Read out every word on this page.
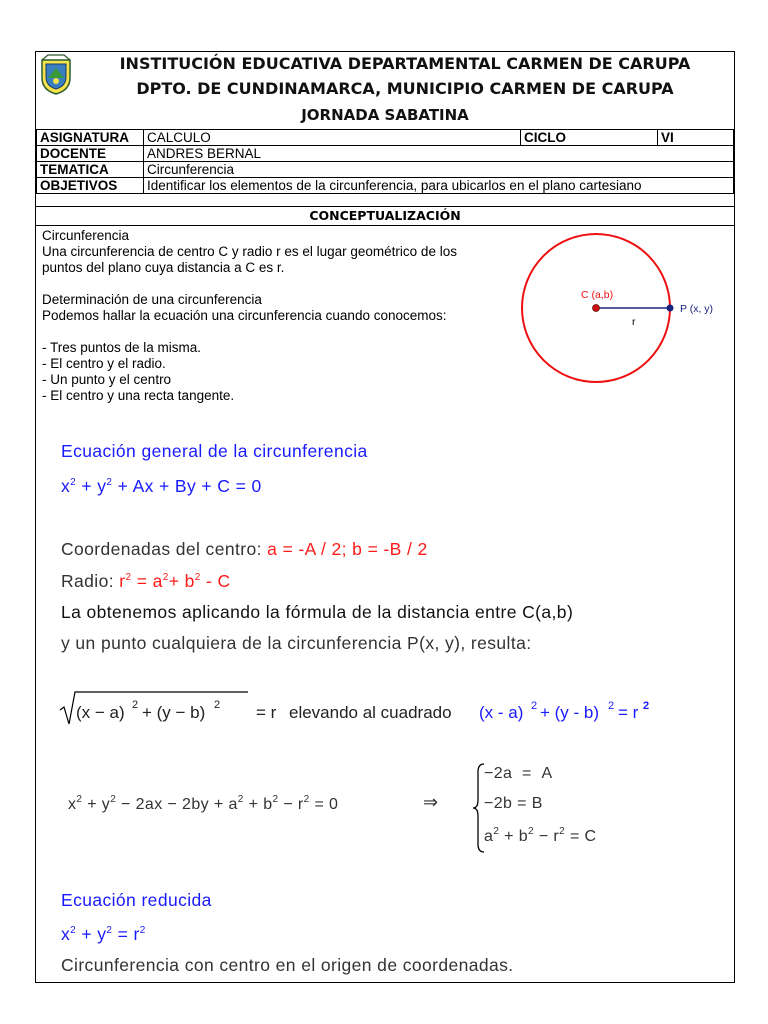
INSTITUCIÓN EDUCATIVA DEPARTAMENTAL CARMEN DE CARUPA
DPTO. DE CUNDINAMARCA, MUNICIPIO CARMEN DE CARUPA
JORNADA SABATINA
ASIGNATURA	CALCULO	CICLO	VI
DOCENTE	ANDRES BERNAL		
TEMATICA	Circunferencia		
OBJETIVOS	Identificar los elementos de la circunferencia, para ubicarlos en el plano cartesiano		
CONCEPTUALIZACIÓN
Circunferencia
Una circunferencia de centro C y radio r es el lugar geométrico de los
puntos del plano cuya distancia a C es r.
Determinación de una circunferencia
Podemos hallar la ecuación una circunferencia cuando conocemos:
- Tres puntos de la misma.
- El centro y el radio.
- Un punto y el centro
- El centro y una recta tangente.
C (a,b)
P (x, y)
r
Ecuación general de la circunferencia
$x^2 + y^2 + Ax + By + C = 0$
Coordenadas del centro: a = -A / 2; b = -B / 2
Radio: $r^2 = a^2+ b^2 - C$
La obtenemos aplicando la fórmula de la distancia entre C(a,b)
y un punto cualquiera de la circunferencia P(x, y), resulta:
(x − a) 2 + (y − b) 2 = r elevando al cuadrado (x - a) 2 + (y - b) 2 = r 2
$x^2 + y^2 - 2ax - 2by + a^2 + b^2 - r^2 = 0$	⇒
−2a  =  A
−2b = B
$a^2 + b^2 - r^2 = C$
Ecuación reducida
$x^2 + y^2 = r^2$
Circunferencia con centro en el origen de coordenadas.
